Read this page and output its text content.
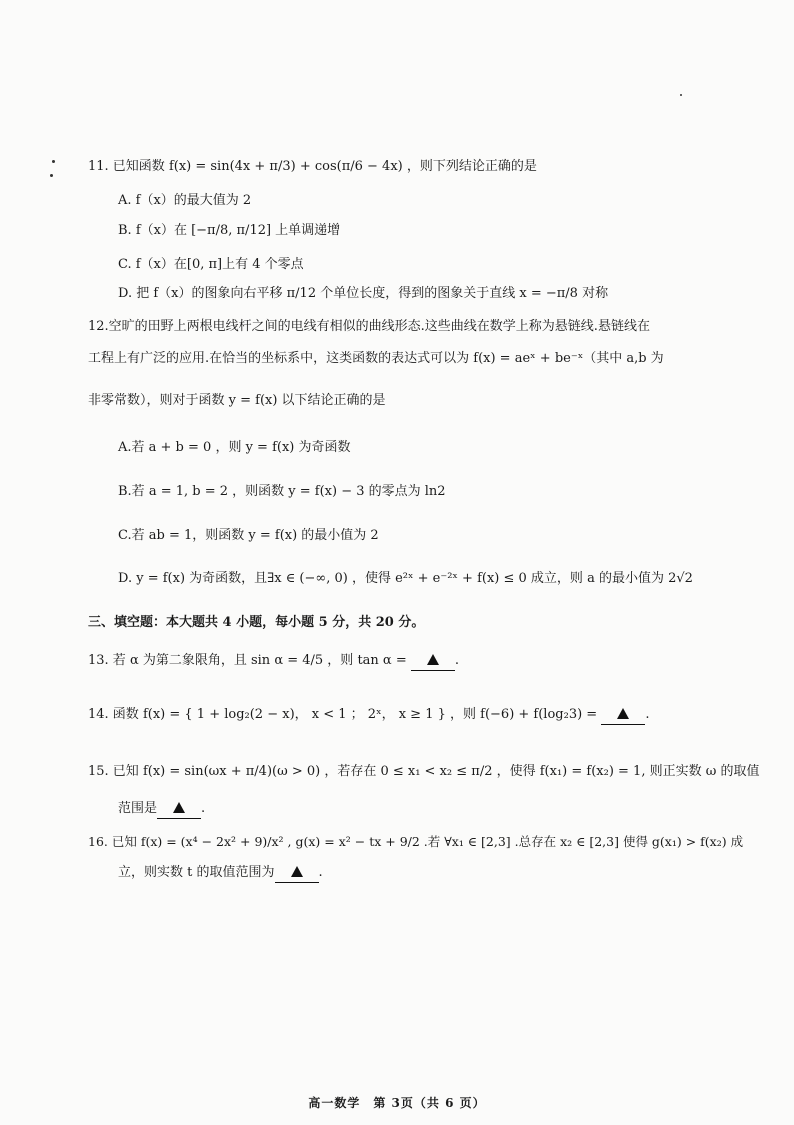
11. 已知函数 f(x) = sin(4x + π/3) + cos(π/6 − 4x) ，则下列结论正确的是
A. f（x）的最大值为 2
B. f（x）在 [−π/8, π/12] 上单调递增
C. f（x）在[0, π]上有 4 个零点
D. 把 f（x）的图象向右平移 π/12 个单位长度，得到的图象关于直线 x = −π/8 对称
12.空旷的田野上两根电线杆之间的电线有相似的曲线形态.这些曲线在数学上称为悬链线.悬链线在
工程上有广泛的应用.在恰当的坐标系中，这类函数的表达式可以为 f(x) = aeˣ + be⁻ˣ（其中 a,b 为
非零常数），则对于函数 y = f(x) 以下结论正确的是
A.若 a + b = 0 ，则 y = f(x) 为奇函数
B.若 a = 1, b = 2 ，则函数 y = f(x) − 3 的零点为 ln2
C.若 ab = 1，则函数 y = f(x) 的最小值为 2
D. y = f(x) 为奇函数，且∃x ∈ (−∞, 0) ，使得 e²ˣ + e⁻²ˣ + f(x) ≤ 0 成立，则 a 的最小值为 2√2
三、填空题：本大题共 4 小题，每小题 5 分，共 20 分。
13. 若 α 为第二象限角，且 sin α = 4/5 ，则 tan α =	.
14. 函数 f(x) = { 1 + log₂(2 − x)， x < 1 ； 2ˣ， x ≥ 1 } ，则 f(−6) + f(log₂3) =	.
15. 已知 f(x) = sin(ωx + π/4)(ω > 0) ，若存在 0 ≤ x₁ < x₂ ≤ π/2 ，使得 f(x₁) = f(x₂) = 1, 则正实数 ω 的取值
范围是	.
16. 已知 f(x) = (x⁴ − 2x² + 9)/x² , g(x) = x² − tx + 9/2 .若 ∀x₁ ∈ [2,3] .总存在 x₂ ∈ [2,3] 使得 g(x₁) > f(x₂) 成
立，则实数 t 的取值范围为	.
高一数学　第 3页（共 6 页）
